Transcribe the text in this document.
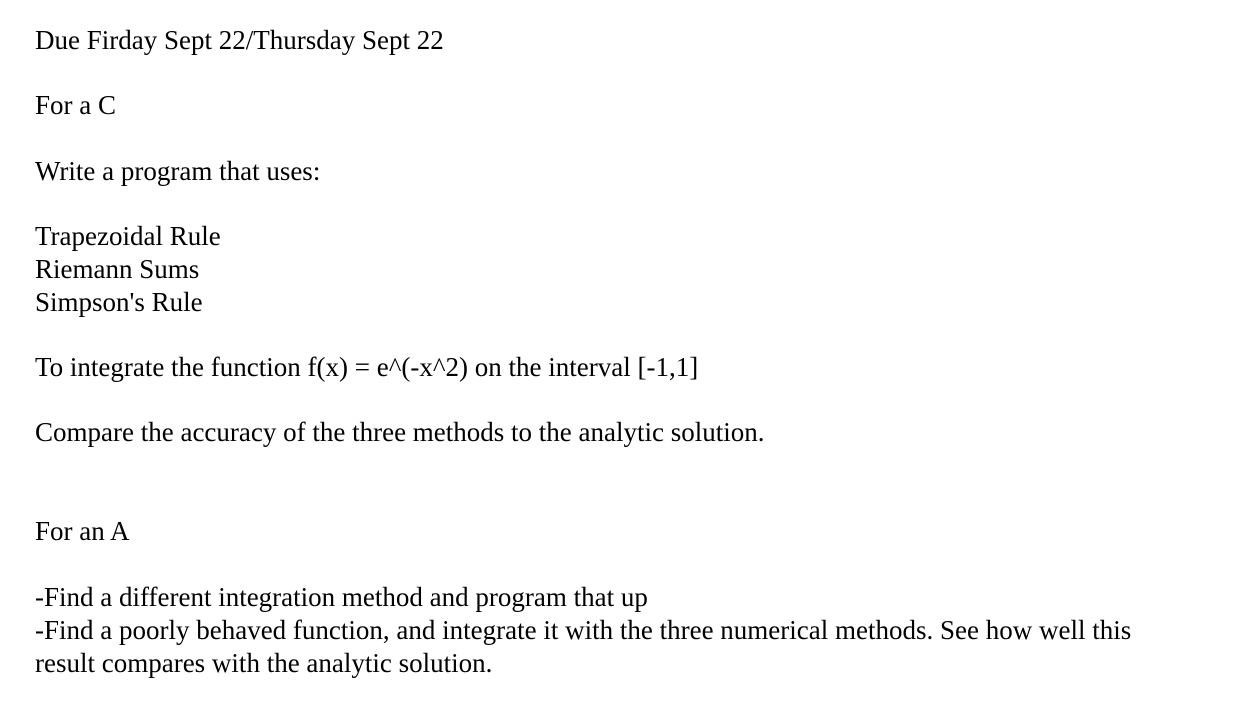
Due Firday Sept 22/Thursday Sept 22
For a C
Write a program that uses:
Trapezoidal Rule
Riemann Sums
Simpson's Rule
To integrate the function f(x) = e^(-x^2) on the interval [-1,1]
Compare the accuracy of the three methods to the analytic solution.
For an A
-Find a different integration method and program that up
-Find a poorly behaved function, and integrate it with the three numerical methods. See how well this
result compares with the analytic solution.
